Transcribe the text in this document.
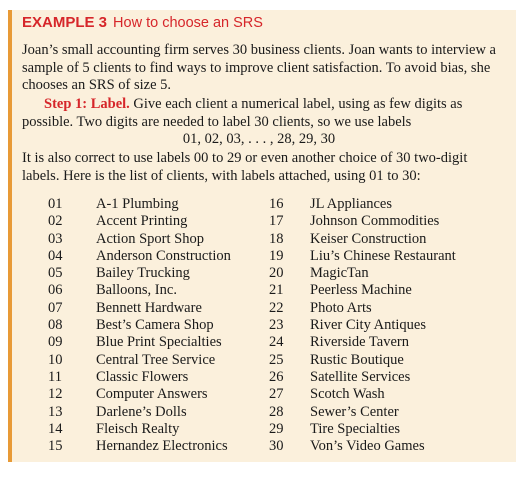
EXAMPLE 3 How to choose an SRS
Joan’s small accounting firm serves 30 business clients. Joan wants to interview a sample of 5 clients to find ways to improve client satisfaction. To avoid bias, she chooses an SRS of size 5.
Step 1: Label. Give each client a numerical label, using as few digits as possible. Two digits are needed to label 30 clients, so we use labels
01, 02, 03, . . . , 28, 29, 30
It is also correct to use labels 00 to 29 or even another choice of 30 two-digit labels. Here is the list of clients, with labels attached, using 01 to 30:
01 A-1 Plumbing	16 JL Appliances
02 Accent Printing	17 Johnson Commodities
03 Action Sport Shop	18 Keiser Construction
04 Anderson Construction	19 Liu’s Chinese Restaurant
05 Bailey Trucking	20 MagicTan
06 Balloons, Inc.	21 Peerless Machine
07 Bennett Hardware	22 Photo Arts
08 Best’s Camera Shop	23 River City Antiques
09 Blue Print Specialties	24 Riverside Tavern
10 Central Tree Service	25 Rustic Boutique
11 Classic Flowers	26 Satellite Services
12 Computer Answers	27 Scotch Wash
13 Darlene’s Dolls	28 Sewer’s Center
14 Fleisch Realty	29 Tire Specialties
15 Hernandez Electronics	30 Von’s Video Games
